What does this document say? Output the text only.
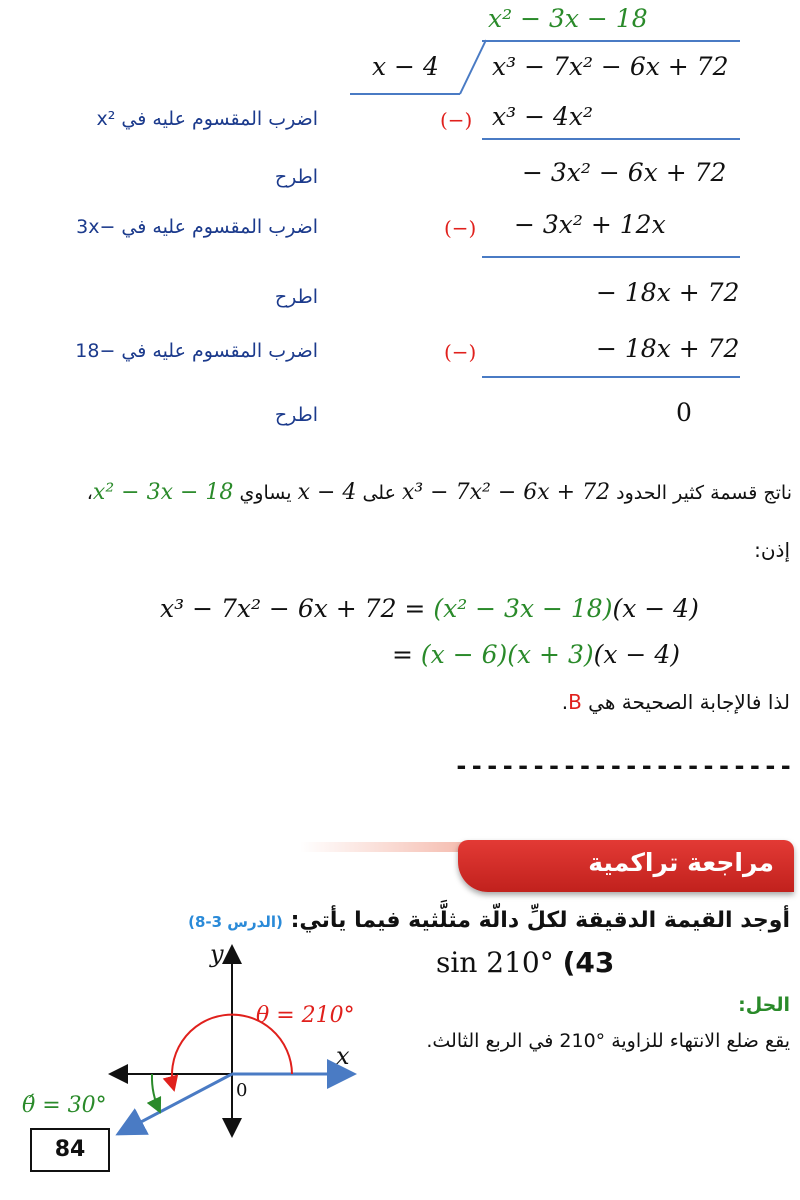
x² − 3x − 18
x − 4 x³ − 7x² − 6x + 72
اضرب المقسوم عليه في x²	(−) x³ − 4x²
اطرح	− 3x² − 6x + 72
اضرب المقسوم عليه في −3x	(−) − 3x² + 12x
اطرح	− 18x + 72
اضرب المقسوم عليه في −18	(−)	− 18x + 72
اطرح	0
ناتج قسمة كثير الحدود x³ − 7x² − 6x + 72 على x − 4 يساوي x² − 3x − 18،
إذن:
x³ − 7x² − 6x + 72 = (x² − 3x − 18)(x − 4)
= (x − 6)(x + 3)(x − 4)
لذا فالإجابة الصحيحة هي B.
----------------------
مراجعة تراكمية
أوجد القيمة الدقيقة لكلِّ دالّة مثلَّثية فيما يأتي: (الدرس 3-8)
sin 210° (43
الحل:
يقع ضلع الانتهاء للزاوية °210 في الربع الثالث.
y
x
0
θ = 210°
θ́ = 30°
84
